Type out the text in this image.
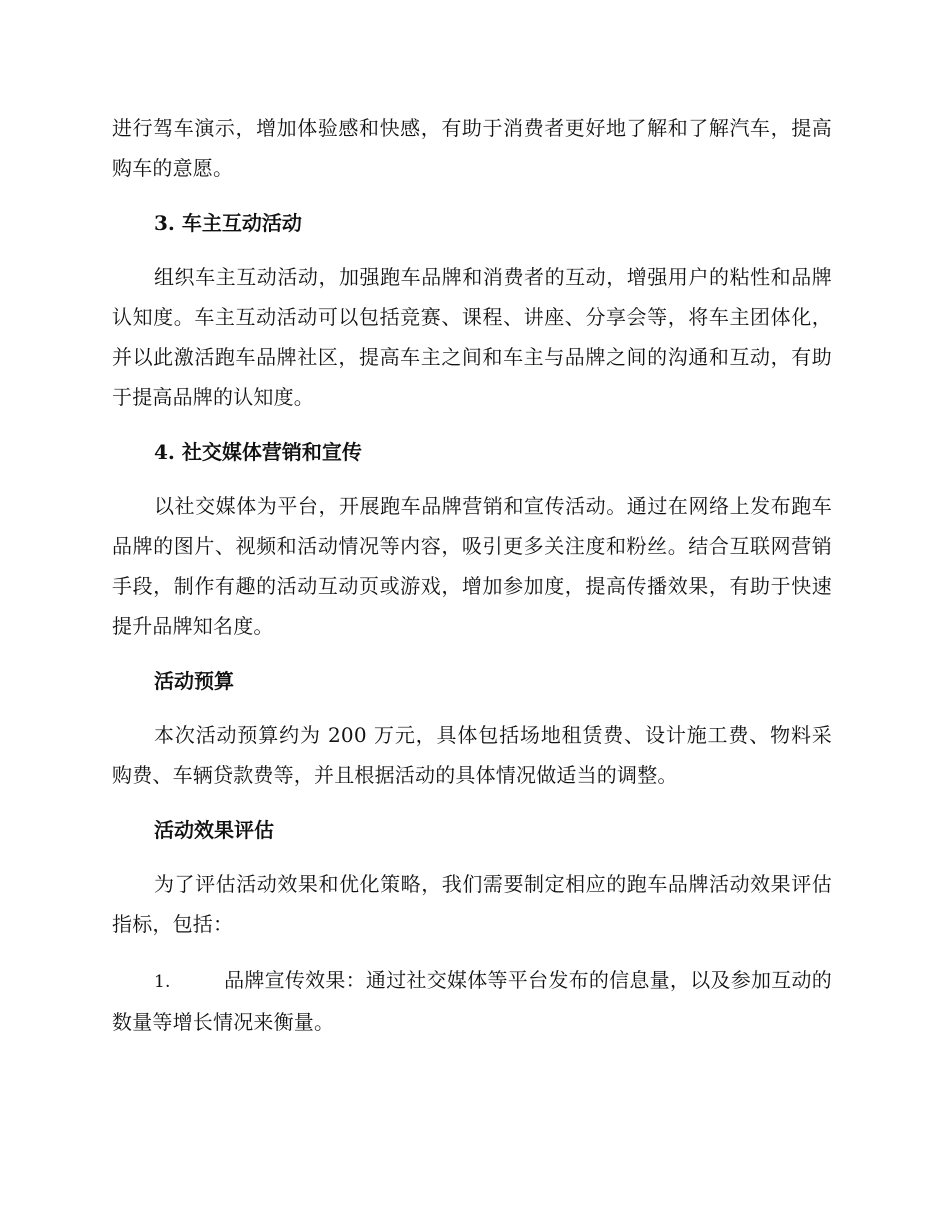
进行驾车演示，增加体验感和快感，有助于消费者更好地了解和了解汽车，提高购车的意愿。

3. 车主互动活动

组织车主互动活动，加强跑车品牌和消费者的互动，增强用户的粘性和品牌认知度。车主互动活动可以包括竞赛、课程、讲座、分享会等，将车主团体化，并以此激活跑车品牌社区，提高车主之间和车主与品牌之间的沟通和互动，有助于提高品牌的认知度。

4. 社交媒体营销和宣传

以社交媒体为平台，开展跑车品牌营销和宣传活动。通过在网络上发布跑车品牌的图片、视频和活动情况等内容，吸引更多关注度和粉丝。结合互联网营销手段，制作有趣的活动互动页或游戏，增加参加度，提高传播效果，有助于快速提升品牌知名度。

活动预算

本次活动预算约为 200 万元，具体包括场地租赁费、设计施工费、物料采购费、车辆贷款费等，并且根据活动的具体情况做适当的调整。

活动效果评估

为了评估活动效果和优化策略，我们需要制定相应的跑车品牌活动效果评估指标，包括：

1.	品牌宣传效果：通过社交媒体等平台发布的信息量，以及参加互动的数量等增长情况来衡量。
